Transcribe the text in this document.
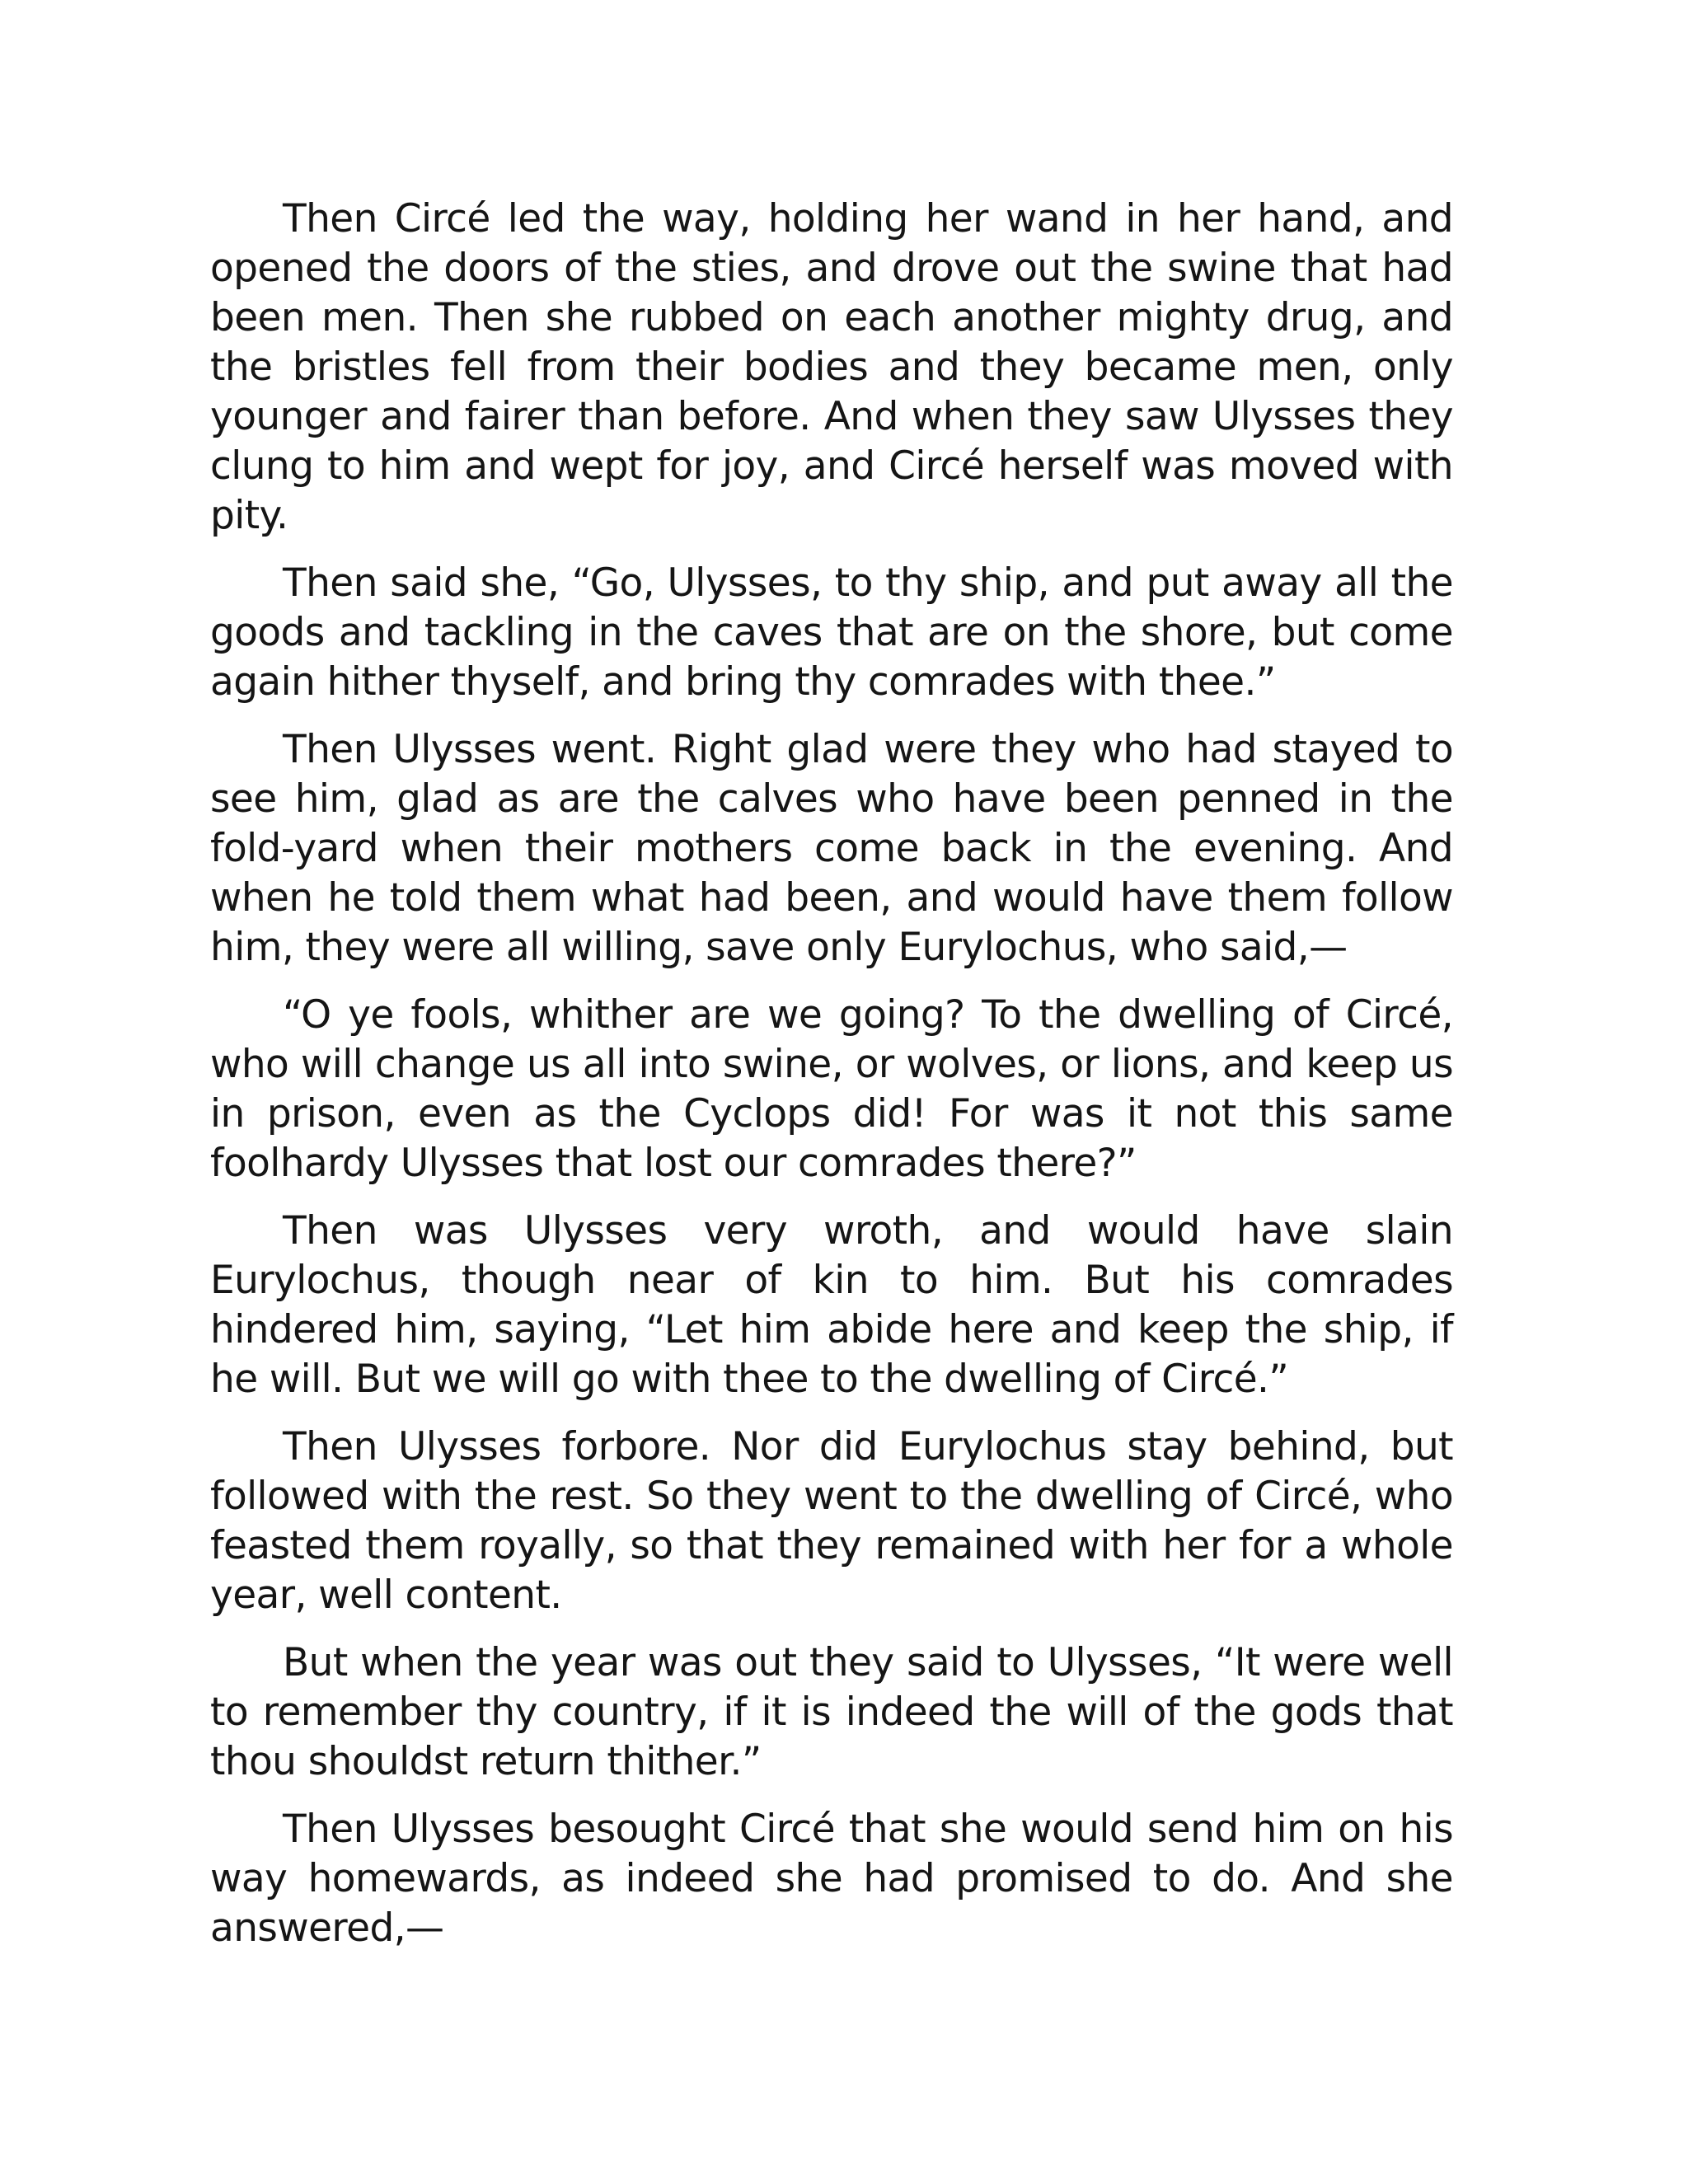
Then Circé led the way, holding her wand in her hand, and opened the doors of the sties, and drove out the swine that had been men. Then she rubbed on each another mighty drug, and the bristles fell from their bodies and they became men, only younger and fairer than before. And when they saw Ulysses they clung to him and wept for joy, and Circé herself was moved with pity.

Then said she, “Go, Ulysses, to thy ship, and put away all the goods and tackling in the caves that are on the shore, but come again hither thyself, and bring thy comrades with thee.”

Then Ulysses went. Right glad were they who had stayed to see him, glad as are the calves who have been penned in the fold-yard when their mothers come back in the evening. And when he told them what had been, and would have them follow him, they were all willing, save only Eurylochus, who said,—

“O ye fools, whither are we going? To the dwelling of Circé, who will change us all into swine, or wolves, or lions, and keep us in prison, even as the Cyclops did! For was it not this same foolhardy Ulysses that lost our comrades there?”

Then was Ulysses very wroth, and would have slain Eurylochus, though near of kin to him. But his comrades hindered him, saying, “Let him abide here and keep the ship, if he will. But we will go with thee to the dwelling of Circé.”

Then Ulysses forbore. Nor did Eurylochus stay behind, but followed with the rest. So they went to the dwelling of Circé, who feasted them royally, so that they remained with her for a whole year, well content.

But when the year was out they said to Ulysses, “It were well to remember thy country, if it is indeed the will of the gods that thou shouldst return thither.”

Then Ulysses besought Circé that she would send him on his way homewards, as indeed she had promised to do. And she answered,—
